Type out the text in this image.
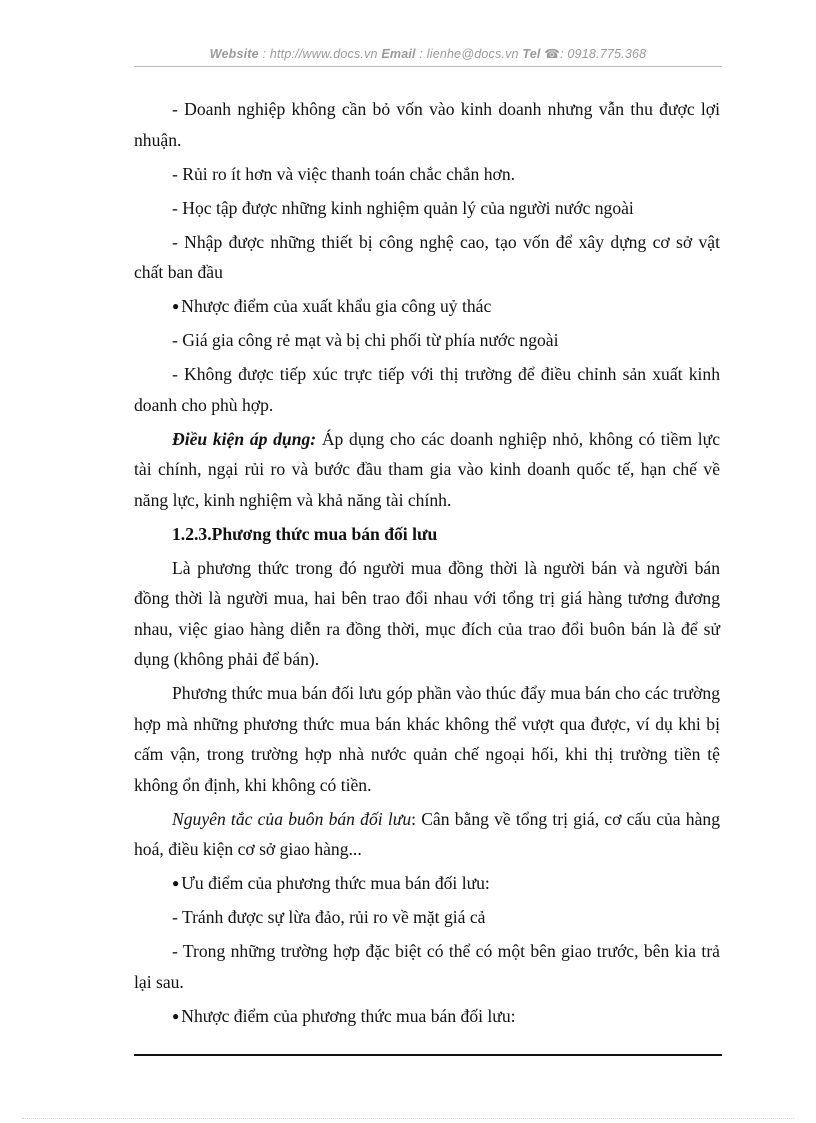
Website : http://www.docs.vn Email : lienhe@docs.vn Tel ☎: 0918.775.368

- Doanh nghiệp không cần bỏ vốn vào kinh doanh nhưng vẫn thu được lợi nhuận.

- Rủi ro ít hơn và việc thanh toán chắc chắn hơn.

- Học tập được những kinh nghiệm quản lý của người nước ngoài

- Nhập được những thiết bị công nghệ cao, tạo vốn để xây dựng cơ sở vật chất ban đầu

● Nhược điểm của xuất khẩu gia công uỷ thác

- Giá gia công rẻ mạt và bị chi phối từ phía nước ngoài

- Không được tiếp xúc trực tiếp với thị trường để điều chỉnh sản xuất kinh doanh cho phù hợp.

Điều kiện áp dụng: Áp dụng cho các doanh nghiệp nhỏ, không có tiềm lực tài chính, ngại rủi ro và bước đầu tham gia vào kinh doanh quốc tế, hạn chế về năng lực, kinh nghiệm và khả năng tài chính.

1.2.3.Phương thức mua bán đối lưu

Là phương thức trong đó người mua đồng thời là người bán và người bán đồng thời là người mua, hai bên trao đổi nhau với tổng trị giá hàng tương đương nhau, việc giao hàng diễn ra đồng thời, mục đích của trao đổi buôn bán là để sử dụng (không phải để bán).

Phương thức mua bán đối lưu góp phần vào thúc đẩy mua bán cho các trường hợp mà những phương thức mua bán khác không thể vượt qua được, ví dụ khi bị cấm vận, trong trường hợp nhà nước quản chế ngoại hối, khi thị trường tiền tệ không ổn định, khi không có tiền.

Nguyên tắc của buôn bán đối lưu: Cân bằng về tổng trị giá, cơ cấu của hàng hoá, điều kiện cơ sở giao hàng...

● Ưu điểm của phương thức mua bán đối lưu:

- Tránh được sự lừa đảo, rủi ro về mặt giá cả

- Trong những trường hợp đặc biệt có thể có một bên giao trước, bên kia trả lại sau.

● Nhược điểm của phương thức mua bán đối lưu:
